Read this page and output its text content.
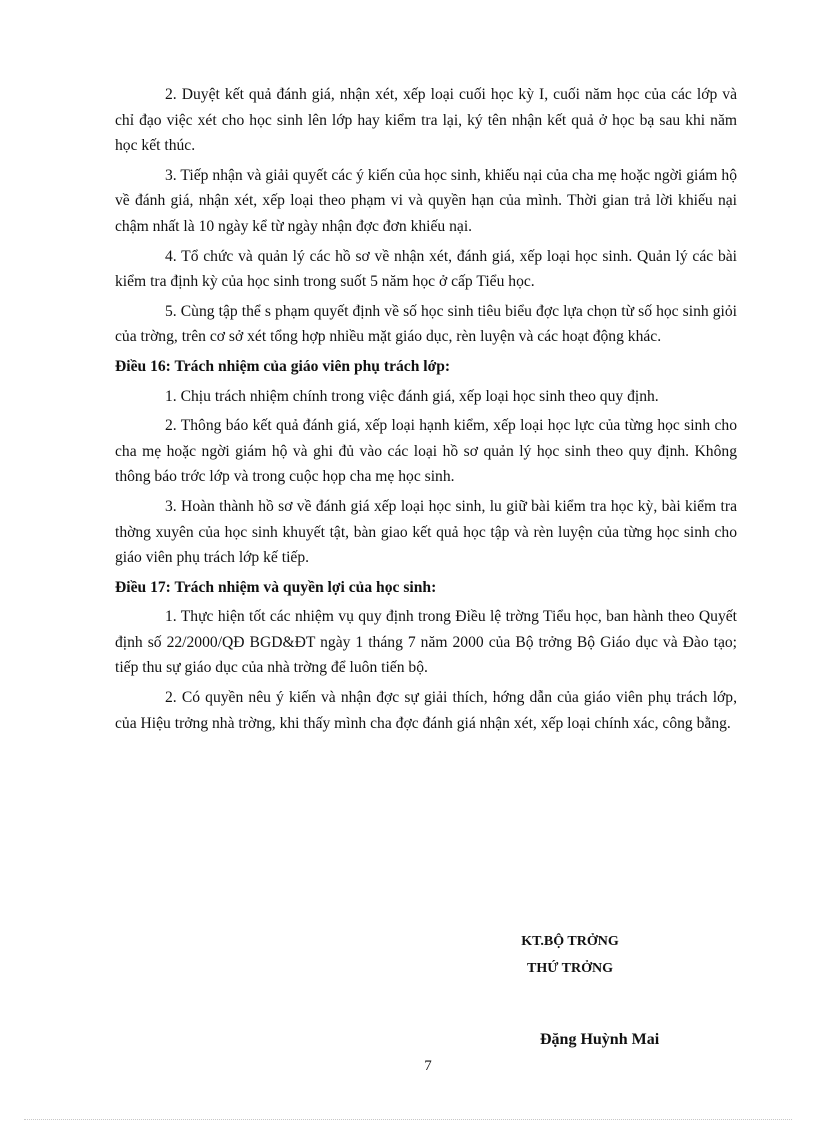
2. Duyệt kết quả đánh giá, nhận xét, xếp loại cuối học kỳ I, cuối năm học của các lớp và chỉ đạo việc xét cho học sinh lên lớp hay kiểm tra lại, ký tên nhận kết quả ở học bạ sau khi năm học kết thúc.

3. Tiếp nhận và giải quyết các ý kiến của học sinh, khiếu nại của cha mẹ hoặc ngời giám hộ về đánh giá, nhận xét, xếp loại theo phạm vi và quyền hạn của mình. Thời gian trả lời khiếu nại chậm nhất là 10 ngày kể từ ngày nhận đợc đơn khiếu nại.

4. Tổ chức và quản lý các hồ sơ về nhận xét, đánh giá, xếp loại học sinh. Quản lý các bài kiểm tra định kỳ của học sinh trong suốt 5 năm học ở cấp Tiểu học.

5. Cùng tập thể s phạm quyết định về số học sinh tiêu biểu đợc lựa chọn từ số học sinh giỏi của trờng, trên cơ sở xét tổng hợp nhiều mặt giáo dục, rèn luyện và các hoạt động khác.

Điều 16: Trách nhiệm của giáo viên phụ trách lớp:

1. Chịu trách nhiệm chính trong việc đánh giá, xếp loại học sinh theo quy định.

2. Thông báo kết quả đánh giá, xếp loại hạnh kiểm, xếp loại học lực của từng học sinh cho cha mẹ hoặc ngời giám hộ và ghi đủ vào các loại hồ sơ quản lý học sinh theo quy định. Không thông báo trớc lớp và trong cuộc họp cha mẹ học sinh.

3. Hoàn thành hồ sơ về đánh giá xếp loại học sinh, lu giữ bài kiểm tra học kỳ, bài kiểm tra thờng xuyên của học sinh khuyết tật, bàn giao kết quả học tập và rèn luyện của từng học sinh cho giáo viên phụ trách lớp kế tiếp.

Điều 17: Trách nhiệm và quyền lợi của học sinh:

1. Thực hiện tốt các nhiệm vụ quy định trong Điều lệ trờng Tiểu học, ban hành theo Quyết định số 22/2000/QĐ BGD&ĐT ngày 1 tháng 7 năm 2000 của Bộ trởng Bộ Giáo dục và Đào tạo; tiếp thu sự giáo dục của nhà trờng để luôn tiến bộ.

2. Có quyền nêu ý kiến và nhận đợc sự giải thích, hớng dẫn của giáo viên phụ trách lớp, của Hiệu trởng nhà trờng, khi thấy mình cha đợc đánh giá nhận xét, xếp loại chính xác, công bằng.

KT.BỘ TRỞNG
THỨ TRỞNG
Đặng Huỳnh Mai
7
